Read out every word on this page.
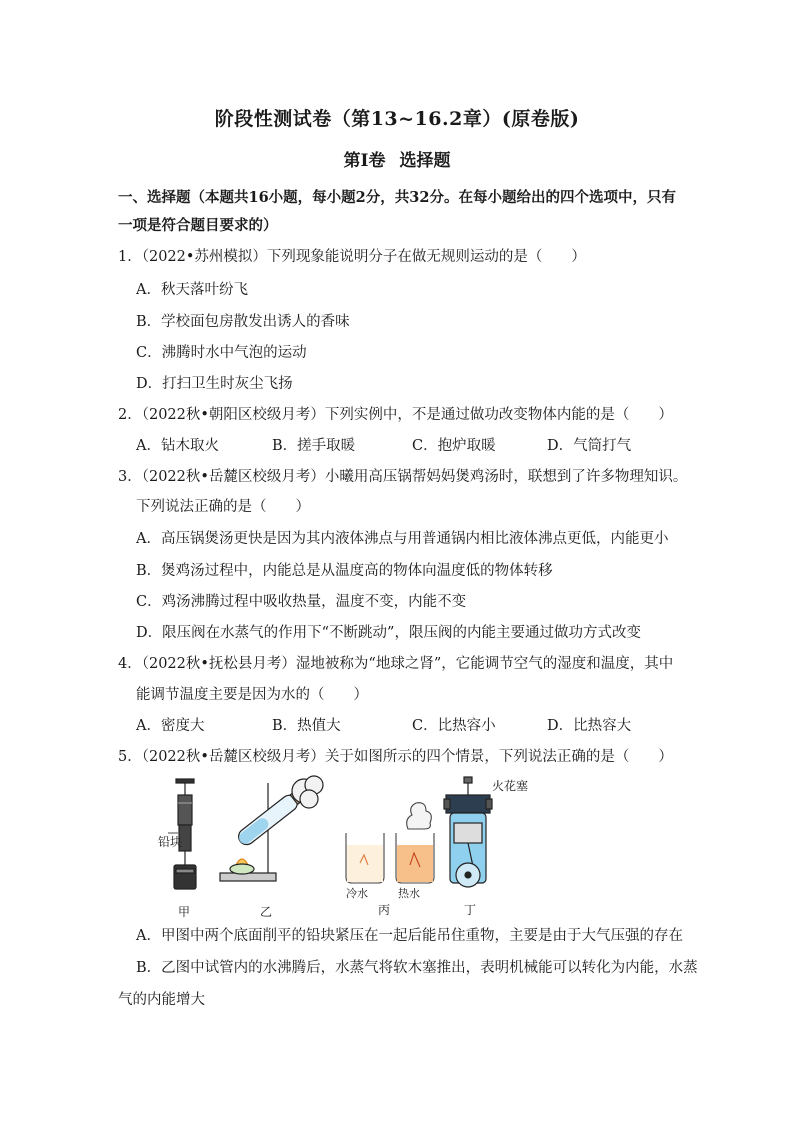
阶段性测试卷（第13~16.2章）(原卷版)
第Ⅰ卷 选择题
一、选择题（本题共16小题，每小题2分，共32分。在每小题给出的四个选项中，只有
一项是符合题目要求的）
1．（2022•苏州模拟）下列现象能说明分子在做无规则运动的是（　　）
A．秋天落叶纷飞
B．学校面包房散发出诱人的香味
C．沸腾时水中气泡的运动
D．打扫卫生时灰尘飞扬
2．（2022秋•朝阳区校级月考）下列实例中，不是通过做功改变物体内能的是（　　）
A．钻木取火	B．搓手取暖	C．抱炉取暖	D．气筒打气
3．（2022秋•岳麓区校级月考）小曦用高压锅帮妈妈煲鸡汤时，联想到了许多物理知识。
下列说法正确的是（　　）
A．高压锅煲汤更快是因为其内液体沸点与用普通锅内相比液体沸点更低，内能更小
B．煲鸡汤过程中，内能总是从温度高的物体向温度低的物体转移
C．鸡汤沸腾过程中吸收热量，温度不变，内能不变
D．限压阀在水蒸气的作用下“不断跳动”，限压阀的内能主要通过做功方式改变
4．（2022秋•抚松县月考）湿地被称为“地球之肾”，它能调节空气的湿度和温度，其中
能调节温度主要是因为水的（　　）
A．密度大	B．热值大	C．比热容小	D．比热容大
5．（2022秋•岳麓区校级月考）关于如图所示的四个情景，下列说法正确的是（　　）
铅块
火花塞
冷水	热水
甲	乙	丙	丁
A．甲图中两个底面削平的铅块紧压在一起后能吊住重物，主要是由于大气压强的存在
B．乙图中试管内的水沸腾后，水蒸气将软木塞推出，表明机械能可以转化为内能，水蒸
气的内能增大
